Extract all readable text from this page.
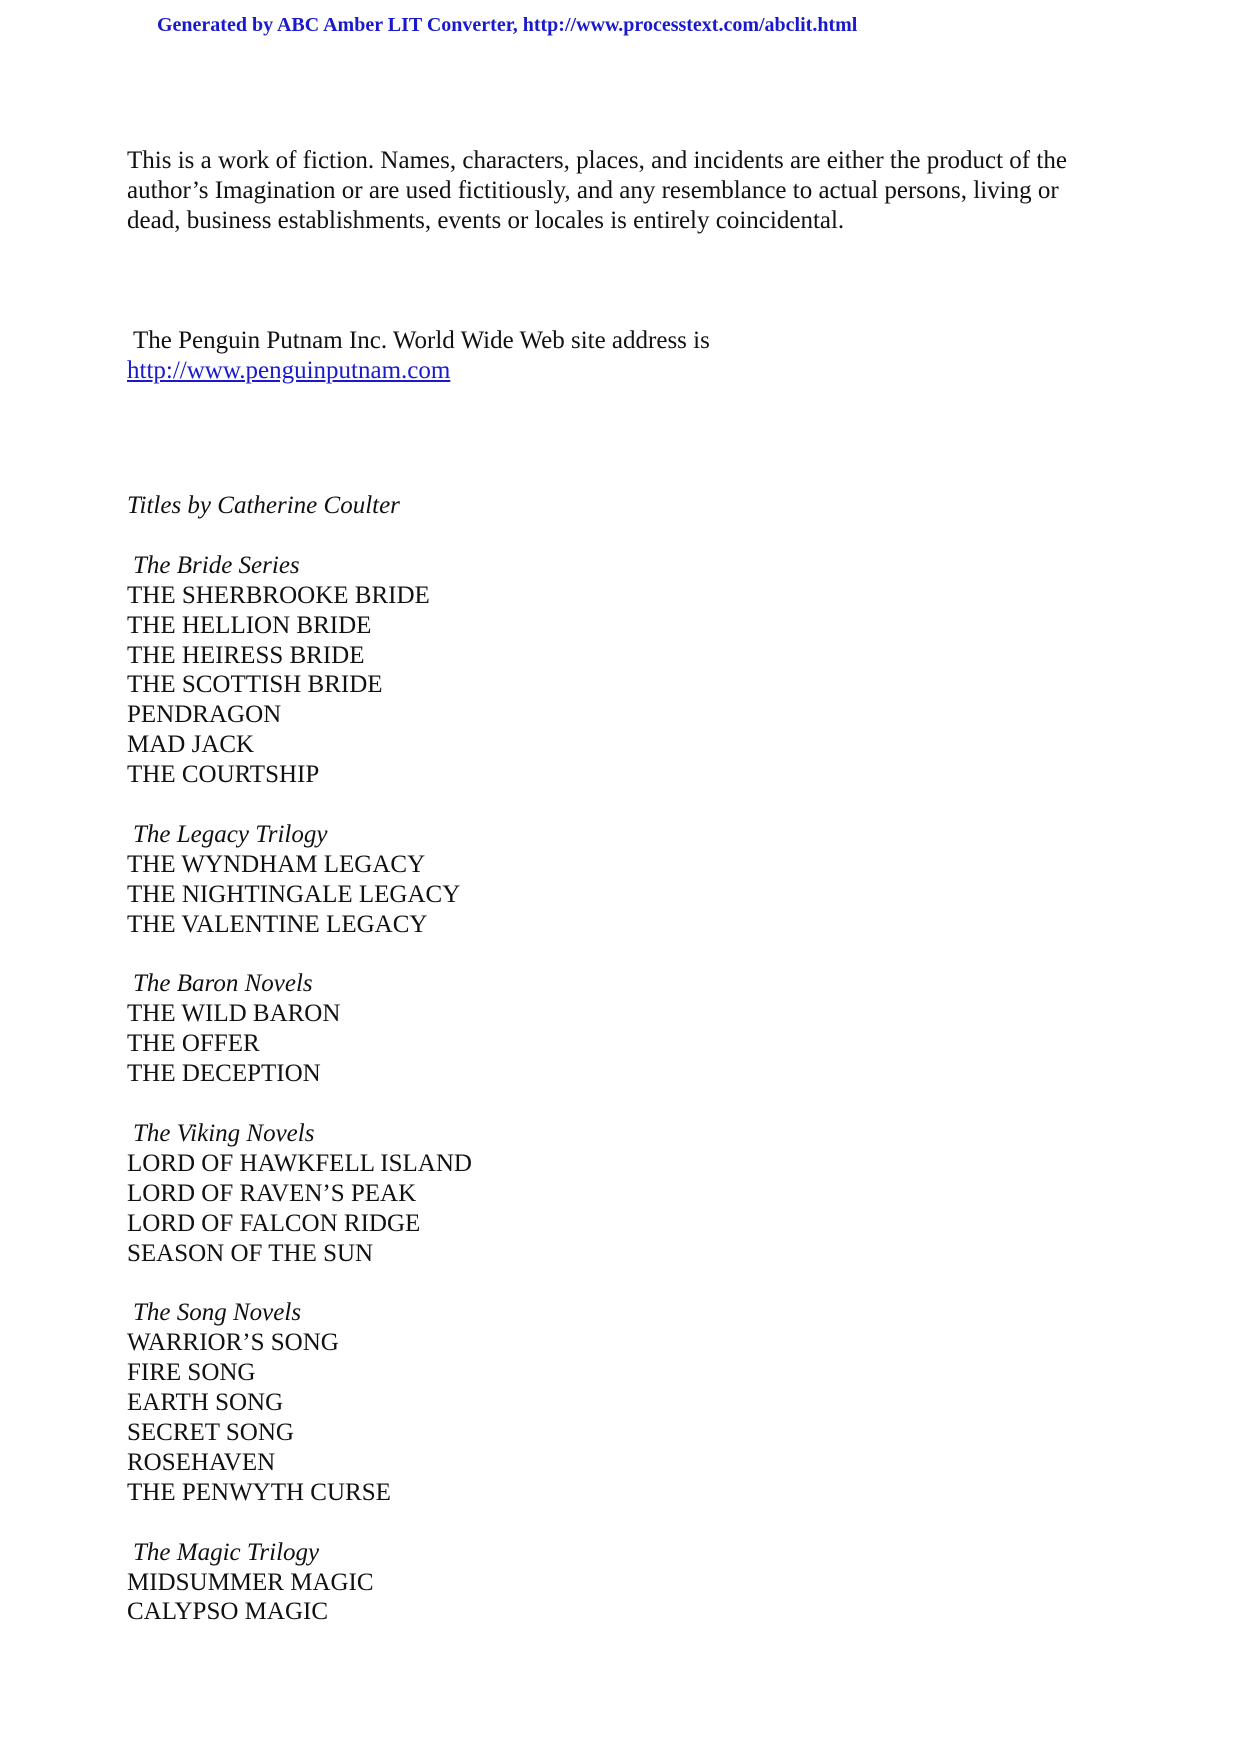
Generated by ABC Amber LIT Converter, http://www.processtext.com/abclit.html

This is a work of fiction. Names, characters, places, and incidents are either the product of the author’s Imagination or are used fictitiously, and any resemblance to actual persons, living or dead, business establishments, events or locales is entirely coincidental.

The Penguin Putnam Inc. World Wide Web site address is
http://www.penguinputnam.com
Titles by Catherine Coulter
The Bride Series
THE SHERBROOKE BRIDE
THE HELLION BRIDE
THE HEIRESS BRIDE
THE SCOTTISH BRIDE
PENDRAGON
MAD JACK
THE COURTSHIP
The Legacy Trilogy
THE WYNDHAM LEGACY
THE NIGHTINGALE LEGACY
THE VALENTINE LEGACY
The Baron Novels
THE WILD BARON
THE OFFER
THE DECEPTION
The Viking Novels
LORD OF HAWKFELL ISLAND
LORD OF RAVEN’S PEAK
LORD OF FALCON RIDGE
SEASON OF THE SUN
The Song Novels
WARRIOR’S SONG
FIRE SONG
EARTH SONG
SECRET SONG
ROSEHAVEN
THE PENWYTH CURSE
The Magic Trilogy
MIDSUMMER MAGIC
CALYPSO MAGIC
